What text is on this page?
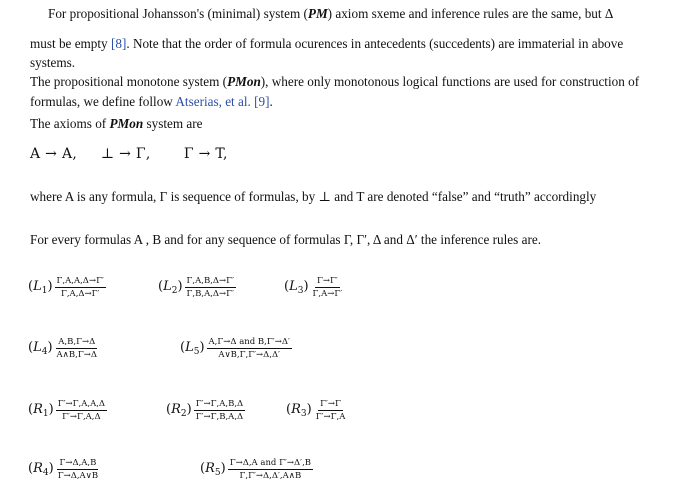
For propositional Johansson's (minimal) system (PM) axiom sxeme and inference rules are the same, but Δ
must be empty [8]. Note that the order of formula ocurences in antecedents (succedents) are immaterial in above
systems.
The propositional monotone system (PMon), where only monotonous logical functions are used for construction of
formulas, we define follow Atserias, et al. [9].
The axioms of PMon system are
A → A,     ⊥ → Γ,       Γ → T,
where A is any formula, Γ is sequence of formulas, by ⊥ and T are denoted “false” and “truth” accordingly
For every formulas A , B and for any sequence of formulas Γ, Γ′, Δ and Δ′ the inference rules are.
$(L_1) \frac{\Gamma,A,A,\Delta\to\Gamma'}{\Gamma,A,\Delta\to\Gamma'}$	$(L_2) \frac{\Gamma,A,B,\Delta\to\Gamma'}{\Gamma,B,A,\Delta\to\Gamma'}$	$(L_3) \frac{\Gamma\to\Gamma'}{\Gamma,A\to\Gamma'}$
$(L_4) \frac{A,B,\Gamma\to\Delta}{A\wedge B,\Gamma\to\Delta}$	$(L_5) \frac{\text{A,Γ→Δ and B,Γ′→Δ′}}{A\vee B,\Gamma,\Gamma'\to\Delta,\Delta'}$
$(R_1) \frac{\Gamma'\to\Gamma,A,A,\Delta}{\Gamma'\to\Gamma,A,\Delta}$	$(R_2) \frac{\Gamma'\to\Gamma,A,B,\Delta}{\Gamma'\to\Gamma,B,A,\Delta}$	$(R_3) \frac{\Gamma'\to\Gamma}{\Gamma'\to\Gamma,A}$
$(R_4) \frac{\Gamma\to\Delta,A,B}{\Gamma\to\Delta,A\vee B}$	$(R_5) \frac{\text{Γ→Δ,A and Γ′→Δ′,B}}{\Gamma,\Gamma'\to\Delta,\Delta',A\wedge B}$
